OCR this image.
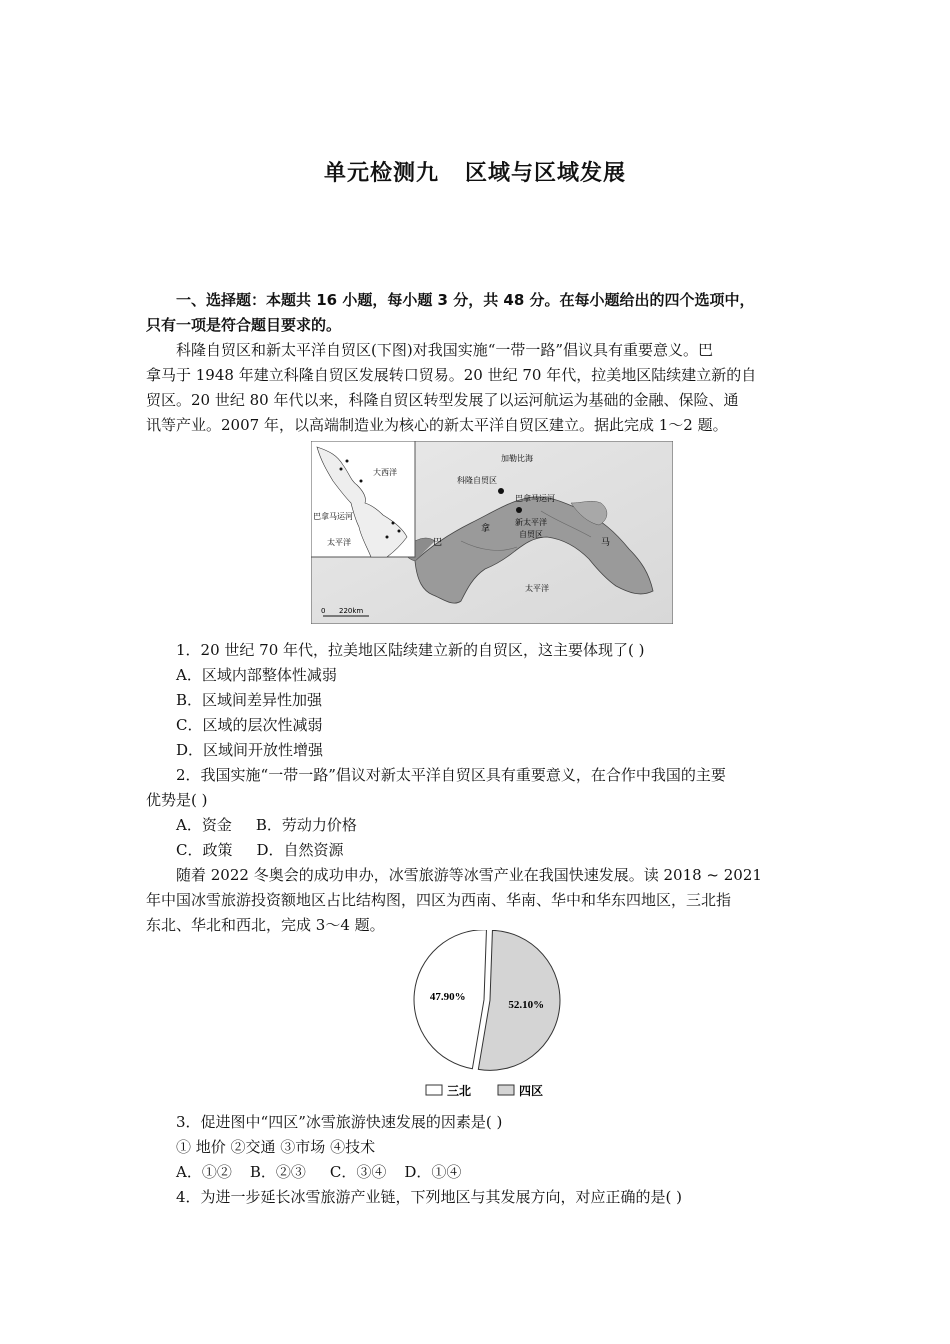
单元检测九 区域与区域发展
一、选择题：本题共 16 小题，每小题 3 分，共 48 分。在每小题给出的四个选项中，
只有一项是符合题目要求的。
科隆自贸区和新太平洋自贸区(下图)对我国实施“一带一路”倡议具有重要意义。巴
拿马于 1948 年建立科隆自贸区发展转口贸易。20 世纪 70 年代，拉美地区陆续建立新的自
贸区。20 世纪 80 年代以来，科隆自贸区转型发展了以运河航运为基础的金融、保险、通
讯等产业。2007 年，以高端制造业为核心的新太平洋自贸区建立。据此完成 1～2 题。
大西洋
巴拿马运河
太平洋
加勒比海
科隆自贸区
巴拿马运河
新太平洋
自贸区
巴
拿
马
太平洋
0 220km
1．20 世纪 70 年代，拉美地区陆续建立新的自贸区，这主要体现了( )
A．区域内部整体性减弱
B．区域间差异性加强
C．区域的层次性减弱
D．区域间开放性增强
2．我国实施“一带一路”倡议对新太平洋自贸区具有重要意义，在合作中我国的主要
优势是( )
A．资金 B．劳动力价格
C．政策 D．自然资源
随着 2022 冬奥会的成功申办，冰雪旅游等冰雪产业在我国快速发展。读 2018 ~ 2021
年中国冰雪旅游投资额地区占比结构图，四区为西南、华南、华中和华东四地区，三北指
东北、华北和西北，完成 3～4 题。
47.90%
52.10%
三北	四区
3．促进图中“四区”冰雪旅游快速发展的因素是( )
① 地价 ②交通 ③市场 ④技术
A．①② B．②③ C．③④ D．①④
4．为进一步延长冰雪旅游产业链，下列地区与其发展方向，对应正确的是( )
